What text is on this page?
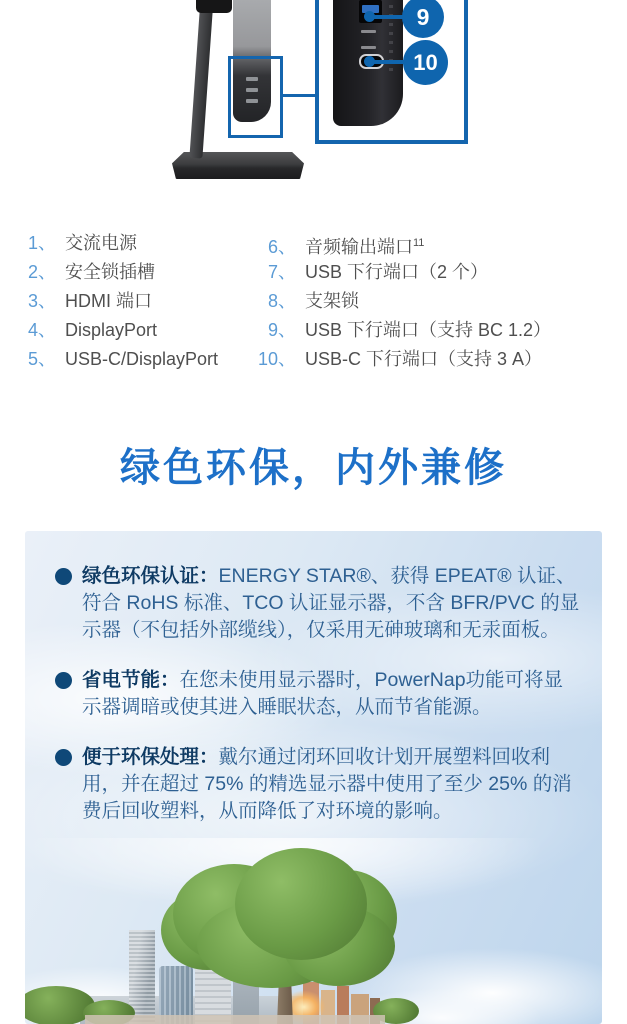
9
10
1、 交流电源
2、 安全锁插槽
3、 HDMI 端口
4、 DisplayPort
5、 USB-C/DisplayPort
6、 音频输出端口$^{11}$
7、 USB 下行端口（2 个）
8、 支架锁
9、 USB 下行端口（支持 BC 1.2）
10、 USB-C 下行端口（支持 3 A）
绿色环保，内外兼修

绿色环保认证：ENERGY STAR®、获得 EPEAT® 认证、符合 RoHS 标准、TCO 认证显示器，不含 BFR/PVC 的显示器（不包括外部缆线），仅采用无砷玻璃和无汞面板。

省电节能：在您未使用显示器时，PowerNap功能可将显示器调暗或使其进入睡眠状态，从而节省能源。

便于环保处理：戴尔通过闭环回收计划开展塑料回收利用，并在超过 75% 的精选显示器中使用了至少 25% 的消费后回收塑料，从而降低了对环境的影响。
